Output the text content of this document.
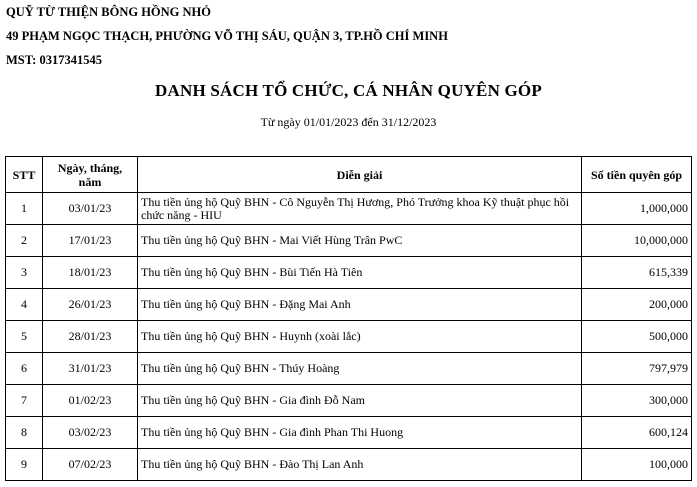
QUỸ TỪ THIỆN BÔNG HỒNG NHỎ
49 PHẠM NGỌC THẠCH, PHƯỜNG VÕ THỊ SÁU, QUẬN 3, TP.HỒ CHÍ MINH
MST: 0317341545
DANH SÁCH TỔ CHỨC, CÁ NHÂN QUYÊN GÓP
Từ ngày 01/01/2023 đến 31/12/2023
STT	Ngày, tháng, năm	Diễn giải	Số tiền quyên góp
1	03/01/23	Thu tiền ủng hộ Quỹ BHN - Cô Nguyễn Thị Hương, Phó Trưởng khoa Kỹ thuật phục hồi chức năng - HIU	1,000,000
2	17/01/23	Thu tiền ủng hộ Quỹ BHN - Mai Viết Hùng Trân PwC	10,000,000
3	18/01/23	Thu tiền ủng hộ Quỹ BHN - Bùi Tiến Hà Tiên	615,339
4	26/01/23	Thu tiền ủng hộ Quỹ BHN - Đặng Mai Anh	200,000
5	28/01/23	Thu tiền ủng hộ Quỹ BHN - Huynh (xoài lắc)	500,000
6	31/01/23	Thu tiền ủng hộ Quỹ BHN - Thúy Hoàng	797,979
7	01/02/23	Thu tiền ủng hộ Quỹ BHN - Gia đình Đỗ Nam	300,000
8	03/02/23	Thu tiền ủng hộ Quỹ BHN - Gia đình Phan Thi Huong	600,124
9	07/02/23	Thu tiền ủng hộ Quỹ BHN - Đào Thị Lan Anh	100,000
